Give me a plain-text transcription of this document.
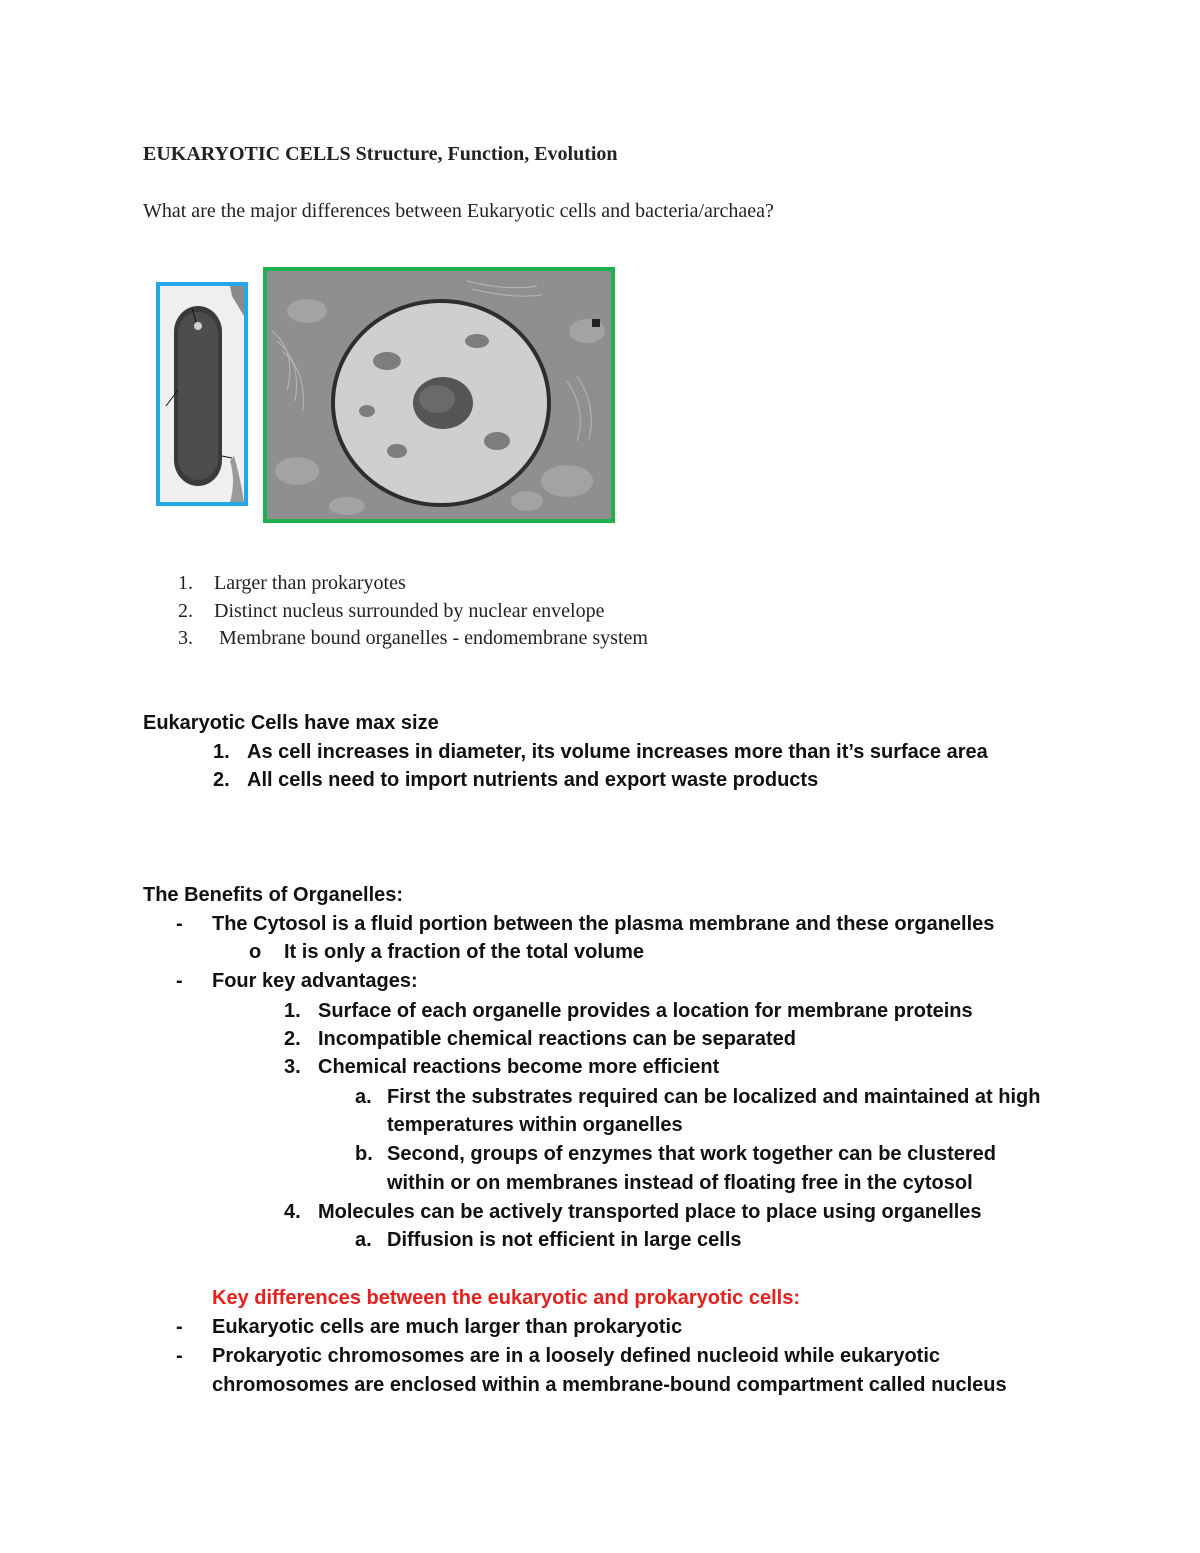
EUKARYOTIC CELLS Structure, Function, Evolution
What are the major differences between Eukaryotic cells and bacteria/archaea?
1. Larger than prokaryotes
2. Distinct nucleus surrounded by nuclear envelope
3. Membrane bound organelles - endomembrane system
Eukaryotic Cells have max size
1. As cell increases in diameter, its volume increases more than it’s surface area
2. All cells need to import nutrients and export waste products
The Benefits of Organelles:
- The Cytosol is a fluid portion between the plasma membrane and these organelles
o It is only a fraction of the total volume
- Four key advantages:
1. Surface of each organelle provides a location for membrane proteins
2. Incompatible chemical reactions can be separated
3. Chemical reactions become more efficient
a. First the substrates required can be localized and maintained at high
temperatures within organelles
b. Second, groups of enzymes that work together can be clustered
within or on membranes instead of floating free in the cytosol
4. Molecules can be actively transported place to place using organelles
a. Diffusion is not efficient in large cells
Key differences between the eukaryotic and prokaryotic cells:
- Eukaryotic cells are much larger than prokaryotic
- Prokaryotic chromosomes are in a loosely defined nucleoid while eukaryotic
chromosomes are enclosed within a membrane-bound compartment called nucleus
